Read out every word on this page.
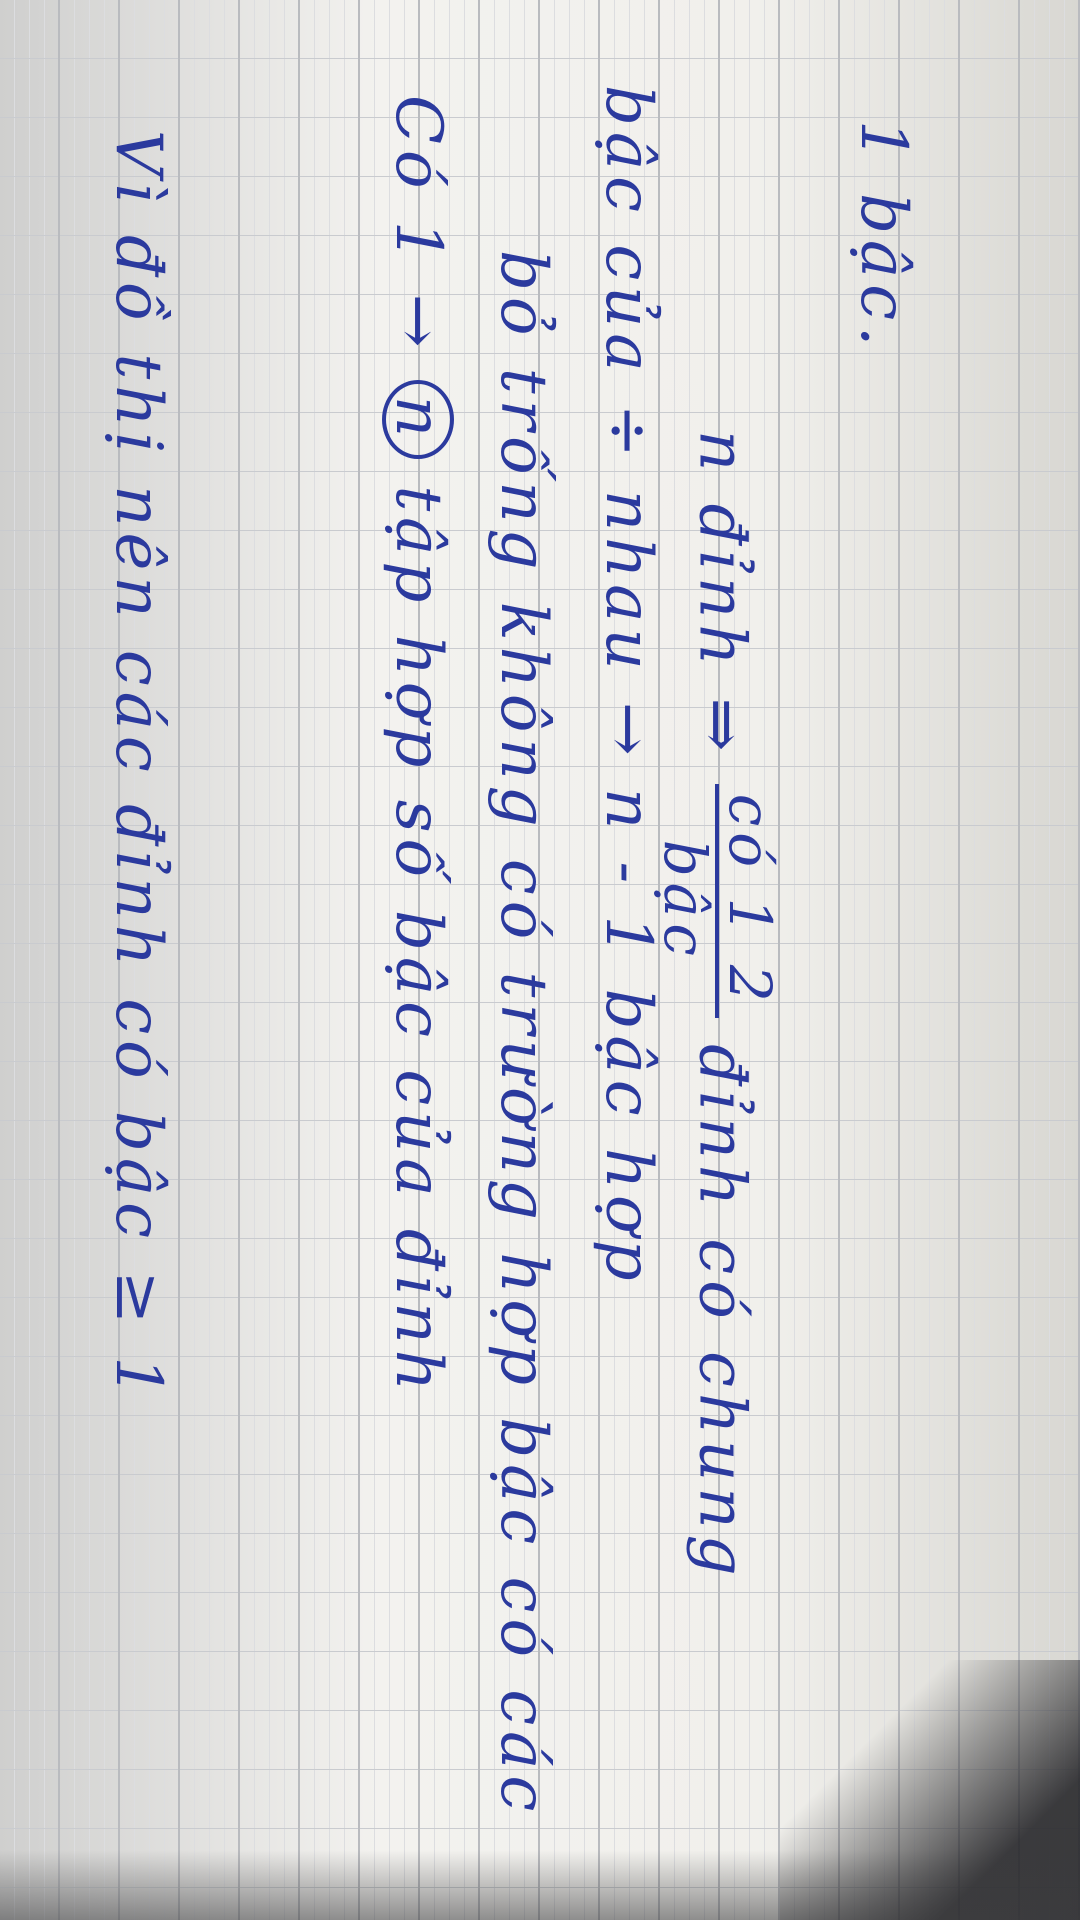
Vì đồ thị nên các đỉnh có bậc ≥ 1	Có 1 → n tập hợp số bậc của đỉnh bỏ trống không có trường hợp bậc có các bậc của ÷ nhau → n - 1 bậc hợp n đỉnh ⇒
có 1 2
bậc
đỉnh có chung
1 bậc.
